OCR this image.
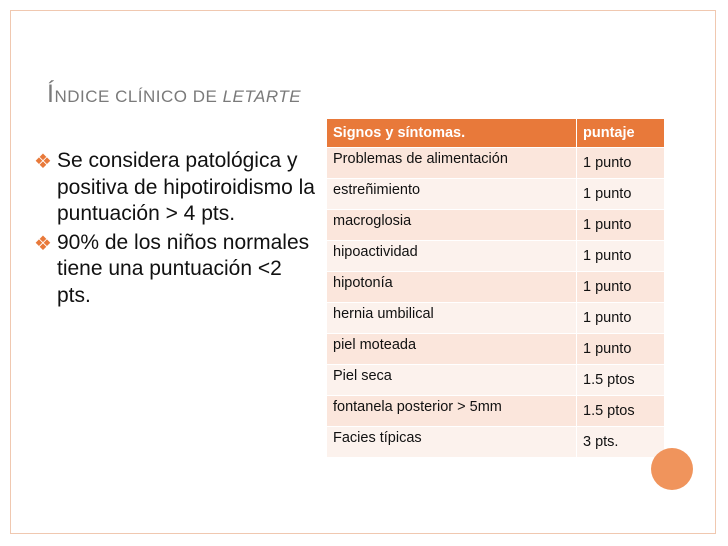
ÍNDICE CLÍNICO DE LETARTE
❖ Se considera patológica y positiva de hipotiroidismo la puntuación > 4 pts.
❖ 90% de los niños normales tiene una puntuación <2 pts.
Signos y síntomas.	puntaje
Problemas de alimentación	1 punto
estreñimiento	1 punto
macroglosia	1 punto
hipoactividad	1 punto
hipotonía	1 punto
hernia umbilical	1 punto
piel moteada	1 punto
Piel seca	1.5 ptos
fontanela posterior > 5mm	1.5 ptos
Facies típicas	3 pts.
